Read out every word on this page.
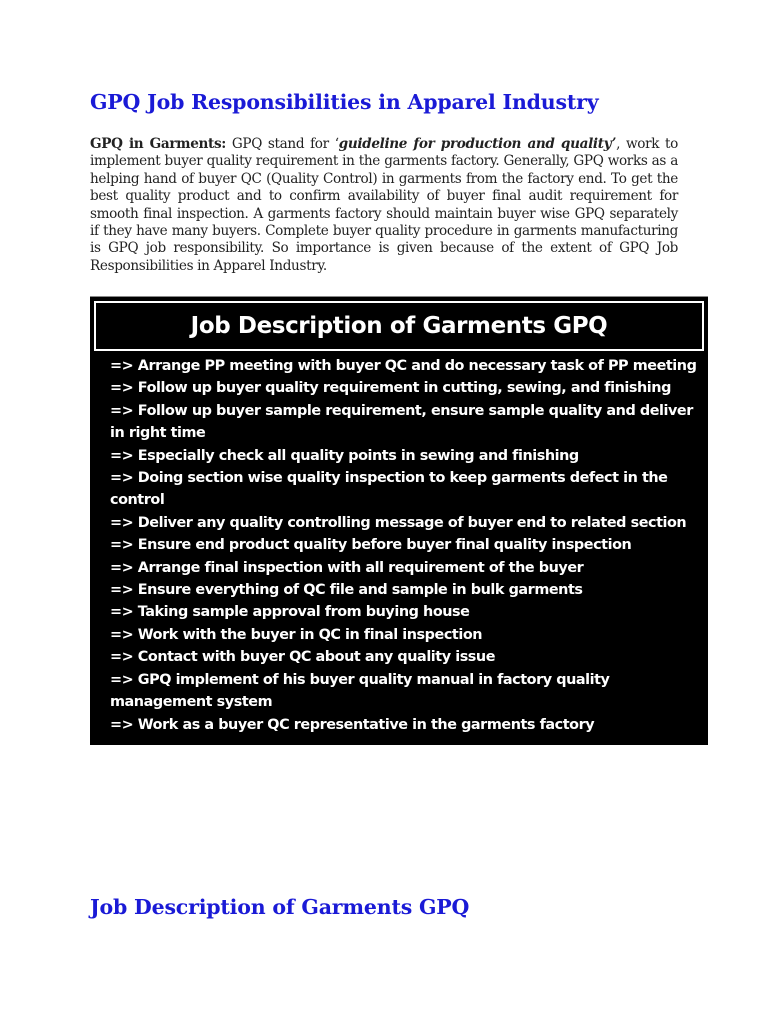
GPQ Job Responsibilities in Apparel Industry

GPQ in Garments: GPQ stand for ‘guideline for production and quality’, work to implement buyer quality requirement in the garments factory. Generally, GPQ works as a helping hand of buyer QC (Quality Control) in garments from the factory end. To get the best quality product and to confirm availability of buyer final audit requirement for smooth final inspection. A garments factory should maintain buyer wise GPQ separately if they have many buyers. Complete buyer quality procedure in garments manufacturing is GPQ job responsibility. So importance is given because of the extent of GPQ Job Responsibilities in Apparel Industry.

Job Description of Garments GPQ
=> Arrange PP meeting with buyer QC and do necessary task of PP meeting
=> Follow up buyer quality requirement in cutting, sewing, and finishing
=> Follow up buyer sample requirement, ensure sample quality and deliver in right time
=> Especially check all quality points in sewing and finishing
=> Doing section wise quality inspection to keep garments defect in the control
=> Deliver any quality controlling message of buyer end to related section
=> Ensure end product quality before buyer final quality inspection
=> Arrange final inspection with all requirement of the buyer
=> Ensure everything of QC file and sample in bulk garments
=> Taking sample approval from buying house
=> Work with the buyer in QC in final inspection
=> Contact with buyer QC about any quality issue
=> GPQ implement of his buyer quality manual in factory quality management system
=> Work as a buyer QC representative in the garments factory
Job Description of Garments GPQ
